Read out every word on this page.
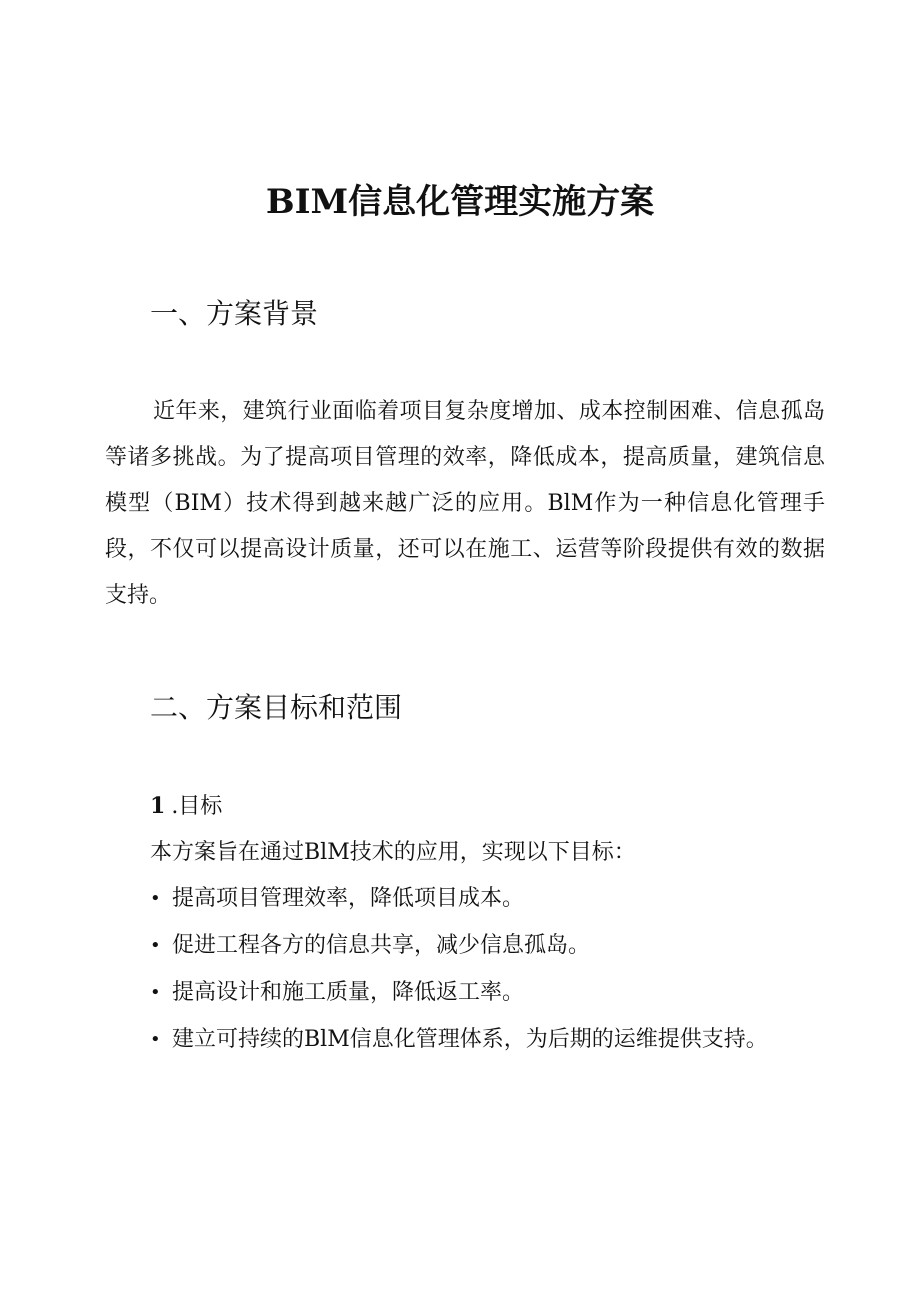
BIM信息化管理实施方案
一、方案背景

近年来，建筑行业面临着项目复杂度增加、成本控制困难、信息孤岛等诸多挑战。为了提高项目管理的效率，降低成本，提高质量，建筑信息模型（BIM）技术得到越来越广泛的应用。BlM作为一种信息化管理手段，不仅可以提高设计质量，还可以在施工、运营等阶段提供有效的数据支持。

二、方案目标和范围
1 .目标

本方案旨在通过BlM技术的应用，实现以下目标：

• 提高项目管理效率，降低项目成本。
• 促进工程各方的信息共享，减少信息孤岛。
• 提高设计和施工质量，降低返工率。
• 建立可持续的BlM信息化管理体系，为后期的运维提供支持。
